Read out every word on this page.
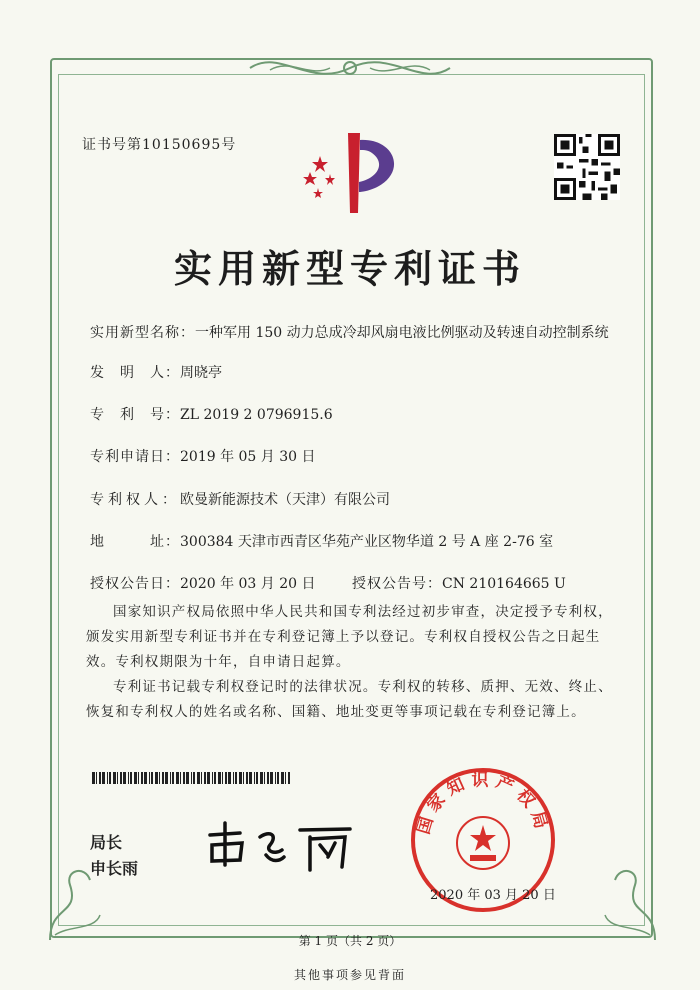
证书号第10150695号
实用新型专利证书
实用新型名称：一种军用 150 动力总成冷却风扇电液比例驱动及转速自动控制系统
发　明　人：周晓亭
专　利　号：ZL 2019 2 0796915.6
专利申请日：2019 年 05 月 30 日
专利权人：欧曼新能源技术（天津）有限公司
地　　　址：300384 天津市西青区华苑产业区物华道 2 号 A 座 2-76 室
授权公告日：2020 年 03 月 20 日	授权公告号：CN 210164665 U

国家知识产权局依照中华人民共和国专利法经过初步审查，决定授予专利权，颁发实用新型专利证书并在专利登记簿上予以登记。专利权自授权公告之日起生效。专利权期限为十年，自申请日起算。

专利证书记载专利权登记时的法律状况。专利权的转移、质押、无效、终止、恢复和专利权人的姓名或名称、国籍、地址变更等事项记载在专利登记簿上。

局长
申长雨
国家知识产权局
2020 年 03 月 20 日
第 1 页（共 2 页）
其他事项参见背面
